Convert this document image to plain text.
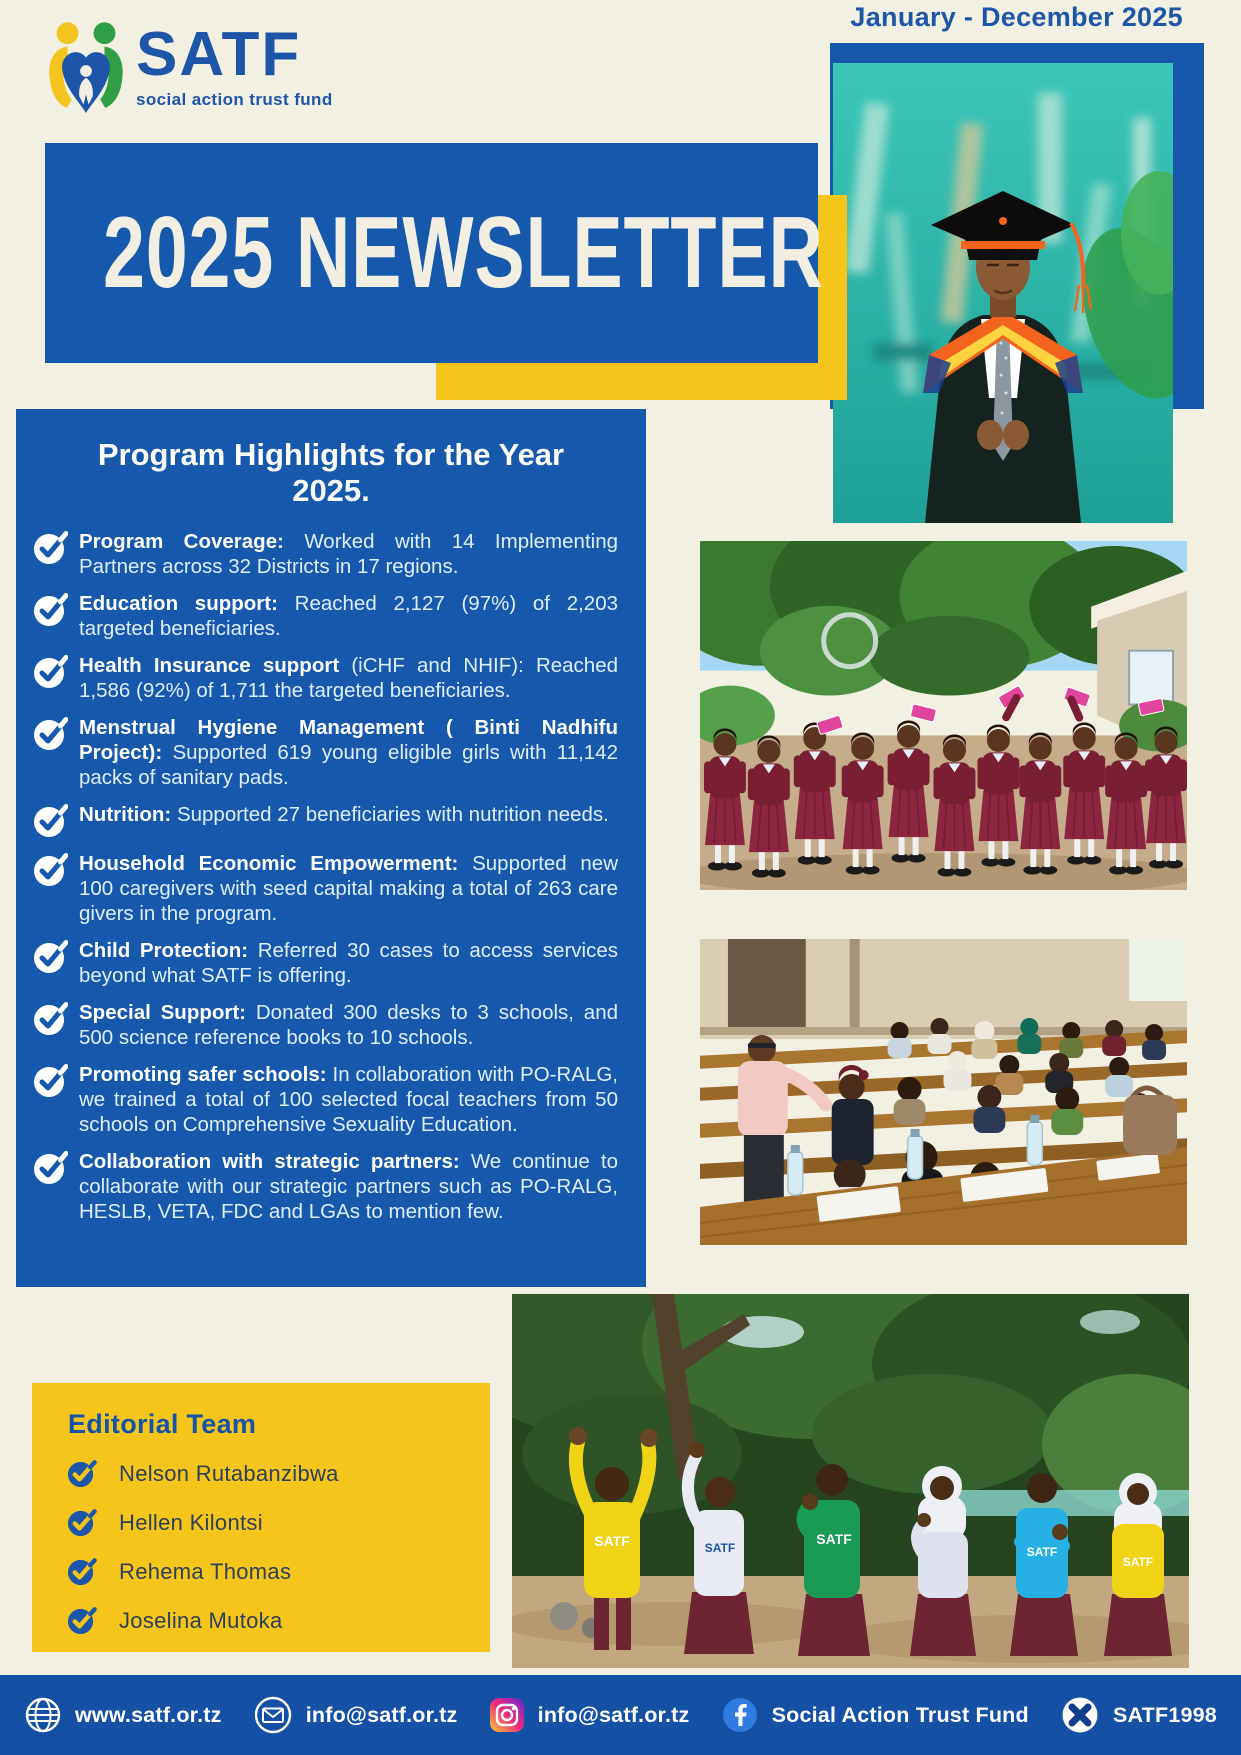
SATF
social action trust fund
January - December 2025
2025 NEWSLETTER
Program Highlights for the Year 2025.
Program Coverage: Worked with 14 Implementing Partners across 32 Districts in 17 regions.
Education support: Reached 2,127 (97%) of 2,203 targeted beneficiaries.
Health Insurance support (iCHF and NHIF): Reached 1,586 (92%) of 1,711 the targeted beneficiaries.
Menstrual Hygiene Management ( Binti Nadhifu Project): Supported 619 young eligible girls with 11,142 packs of sanitary pads.
Nutrition: Supported 27 beneficiaries with nutrition needs.
Household Economic Empowerment: Supported new 100 caregivers with seed capital making a total of 263 care givers in the program.
Child Protection: Referred 30 cases to access services beyond what SATF is offering.
Special Support: Donated 300 desks to 3 schools, and 500 science reference books to 10 schools.
Promoting safer schools: In collaboration with PO-RALG, we trained a total of 100 selected focal teachers from 50 schools on Comprehensive Sexuality Education.
Collaboration with strategic partners: We continue to collaborate with our strategic partners such as PO-RALG, HESLB, VETA, FDC and LGAs to mention few.
Editorial Team
Nelson Rutabanzibwa
Hellen Kilontsi
Rehema Thomas
Joselina Mutoka
SATF	SATF
SATF
SATF
SATF
www.satf.or.tz	info@satf.or.tz	info@satf.or.tz	Social Action Trust Fund	SATF1998
